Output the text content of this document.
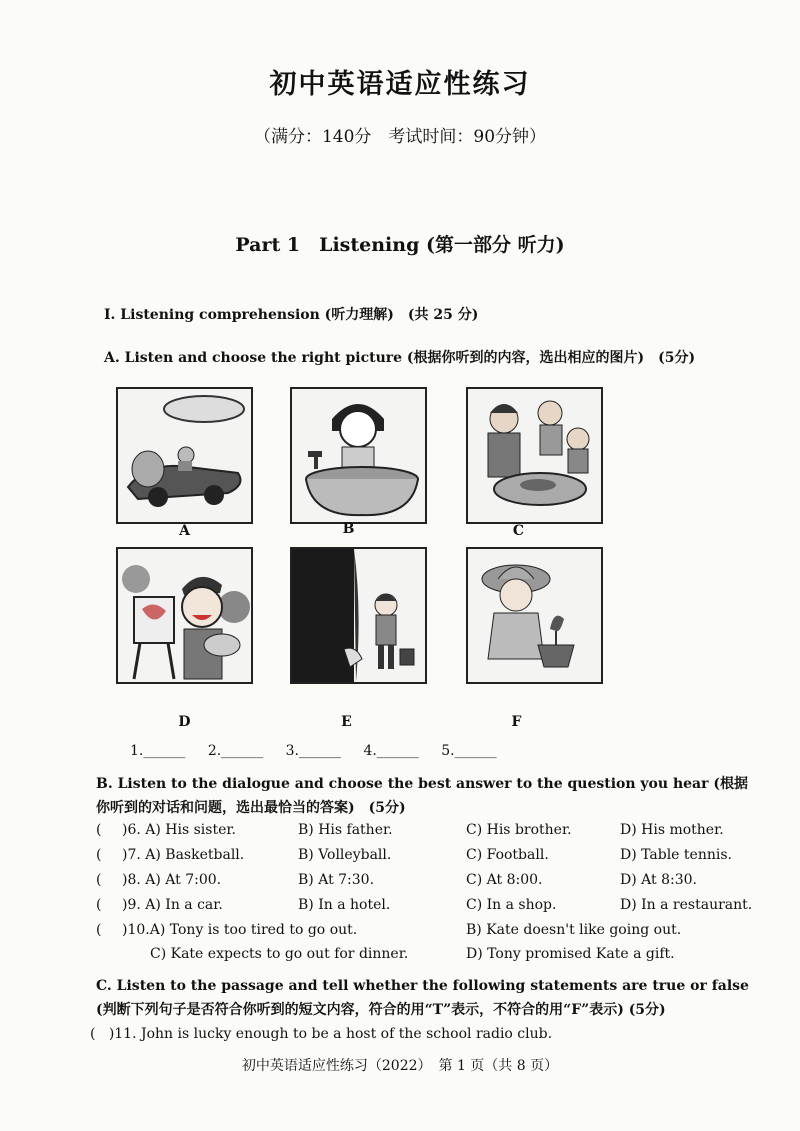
初中英语适应性练习
（满分：140分　考试时间：90分钟）
Part 1　Listening (第一部分 听力)
I. Listening comprehension (听力理解)　(共 25 分)
A. Listen and choose the right picture (根据你听到的内容，选出相应的图片)　(5分)
A	B	C
D	E	F
1.______ 2.______ 3.______ 4.______ 5.______
B. Listen to the dialogue and choose the best answer to the question you hear (根据你听到的对话和问题，选出最恰当的答案)　(5分)
( )6. A) His sister.	B) His father.	C) His brother.	D) His mother.
( )7. A) Basketball.	B) Volleyball.	C) Football.	D) Table tennis.
( )8. A) At 7:00.	B) At 7:30.	C) At 8:00.	D) At 8:30.
( )9. A) In a car.	B) In a hotel.	C) In a shop.	D) In a restaurant.
( )10.A) Tony is too tired to go out.	B) Kate doesn't like going out.
C) Kate expects to go out for dinner.	D) Tony promised Kate a gift.
C. Listen to the passage and tell whether the following statements are true or false (判断下列句子是否符合你听到的短文内容，符合的用“T”表示，不符合的用“F”表示) (5分)
(   )11. John is lucky enough to be a host of the school radio club.
初中英语适应性练习（2022）　第 1 页（共 8 页）
